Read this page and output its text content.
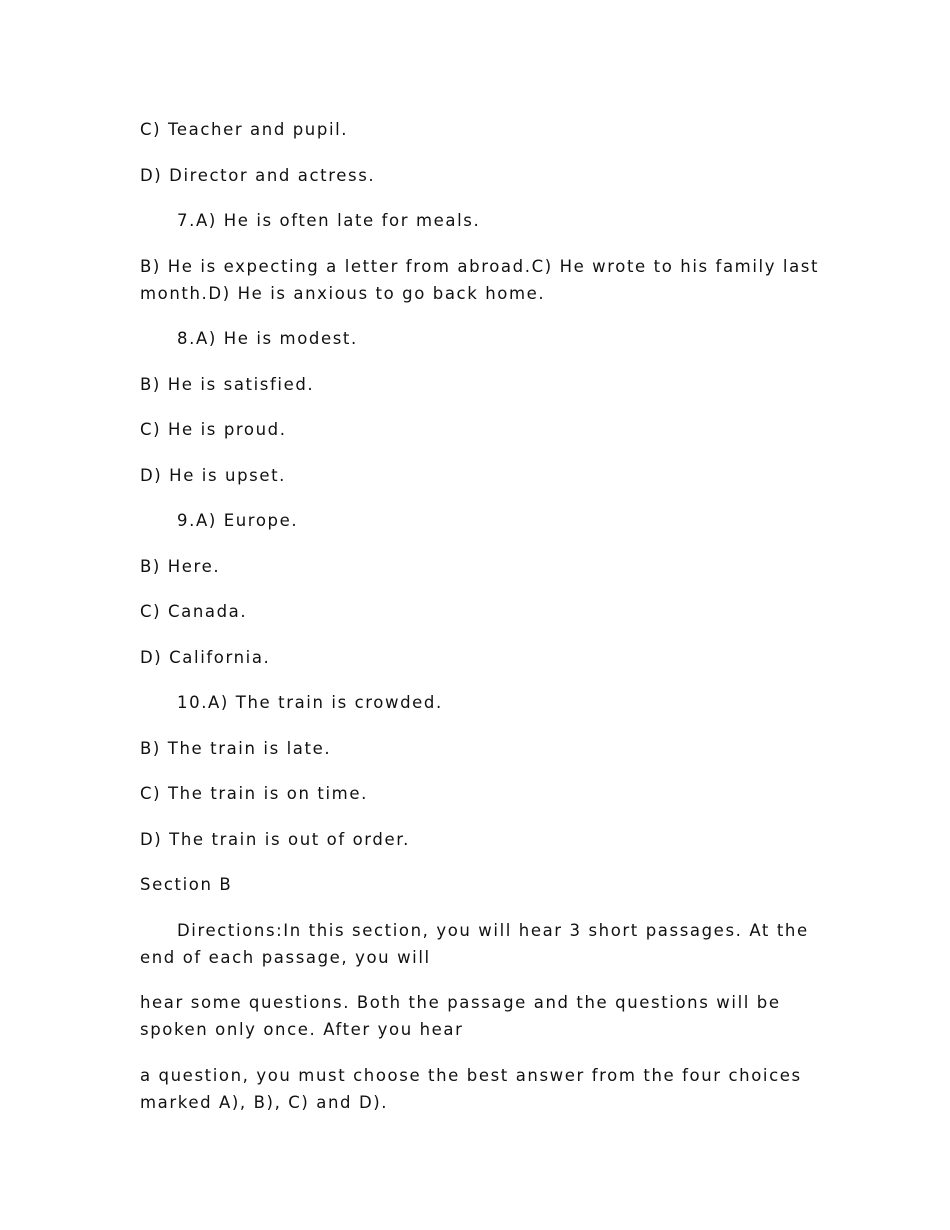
C) Teacher and pupil.

D) Director and actress.

7.A) He is often late for meals.

B) He is expecting a letter from abroad.C) He wrote to his family last month.D) He is anxious to go back home.

8.A) He is modest.

B) He is satisfied.

C) He is proud.

D) He is upset.

9.A) Europe.

B) Here.

C) Canada.

D) California.

10.A) The train is crowded.

B) The train is late.

C) The train is on time.

D) The train is out of order.

Section B

Directions:In this section, you will hear 3 short passages. At the end of each passage, you will

hear some questions. Both the passage and the questions will be spoken only once. After you hear

a question, you must choose the best answer from the four choices marked A), B), C) and D).
